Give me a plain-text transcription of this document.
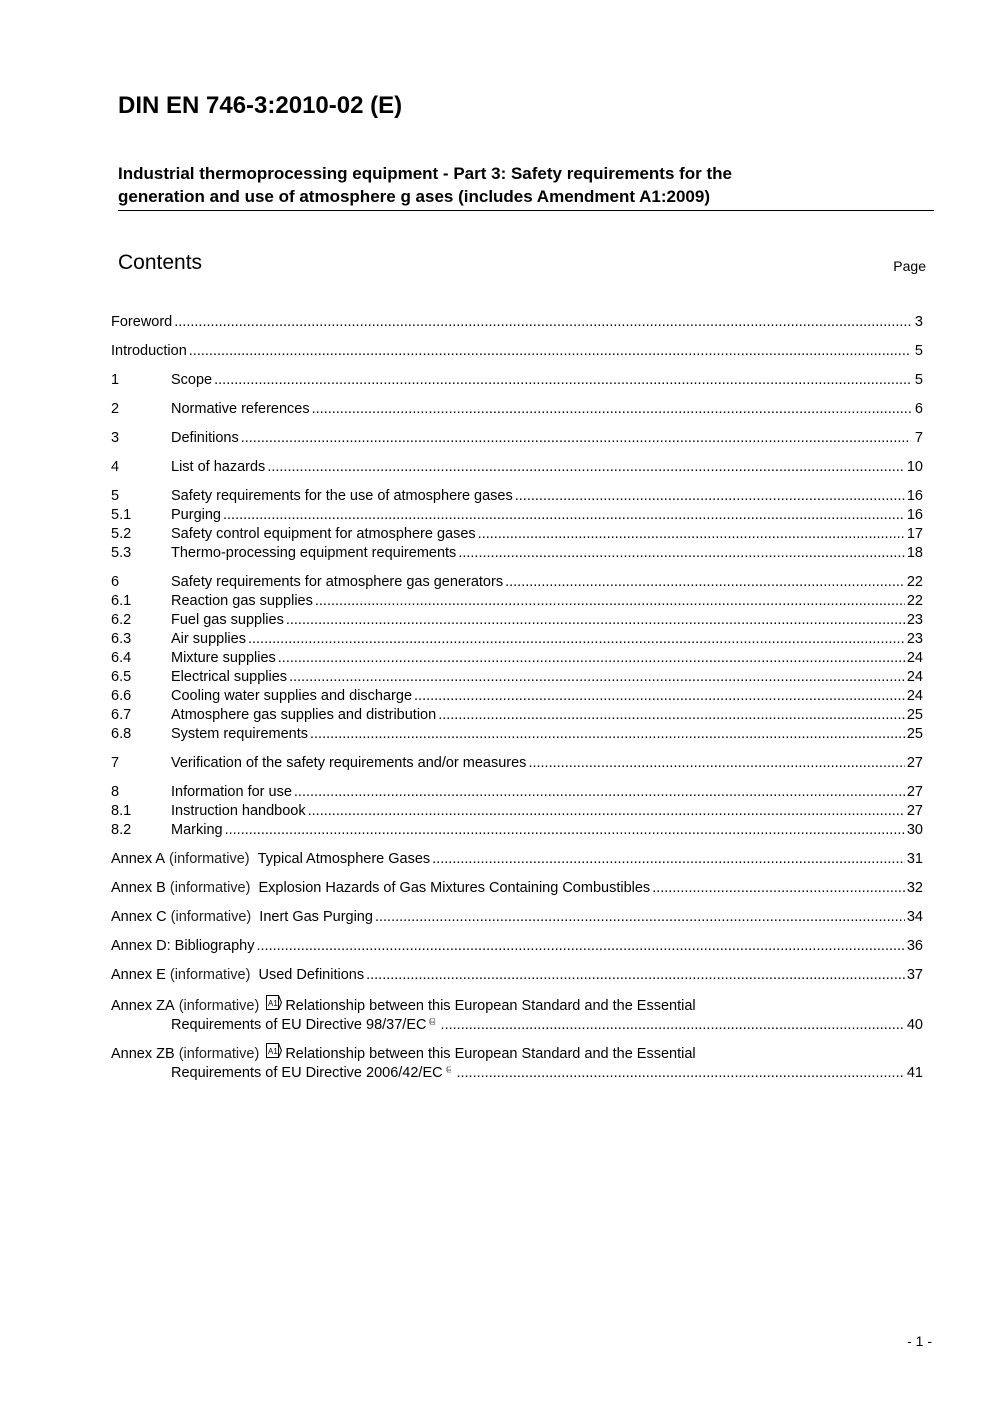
DIN EN 746-3:2010-02 (E)
Industrial thermoprocessing equipment - Part 3: Safety requirements for the
generation and use of atmosphere g ases (includes Amendment A1:2009)
Contents	Page
Foreword .....	3
Introduction .....	5
1	Scope .....	5
2	Normative references .....	6
3	Definitions .....	7
4	List of hazards .....	10
5	Safety requirements for the use of atmosphere gases .....	16
5.1	Purging .....	16
5.2	Safety control equipment for atmosphere gases .....	17
5.3	Thermo-processing equipment requirements .....	18
6	Safety requirements for atmosphere gas generators .....	22
6.1	Reaction gas supplies .....	22
6.2	Fuel gas supplies .....	23
6.3	Air supplies .....	23
6.4	Mixture supplies .....	24
6.5	Electrical supplies .....	24
6.6	Cooling water supplies and discharge .....	24
6.7	Atmosphere gas supplies and distribution .....	25
6.8	System requirements .....	25
7	Verification of the safety requirements and/or measures .....	27
8	Information for use .....	27
8.1	Instruction handbook .....	27
8.2	Marking .....	30
Annex A
(informative)
Typical Atmosphere Gases .....	31
Annex B
(informative)
Explosion Hazards of Gas Mixtures Containing Combustibles .....	32
Annex C
(informative)
Inert Gas Purging .....	34
Annex D: Bibliography .....	36
Annex E
(informative)
Used Definitions .....	37
Annex ZA
(informative)
A1 Relationship between this European Standard and the Essential
Requirements of EU Directive 98/37/EC A1 .....	40
Annex ZB
(informative)
A1 Relationship between this European Standard and the Essential
Requirements of EU Directive 2006/42/EC A1 .....	41
- 1 -
